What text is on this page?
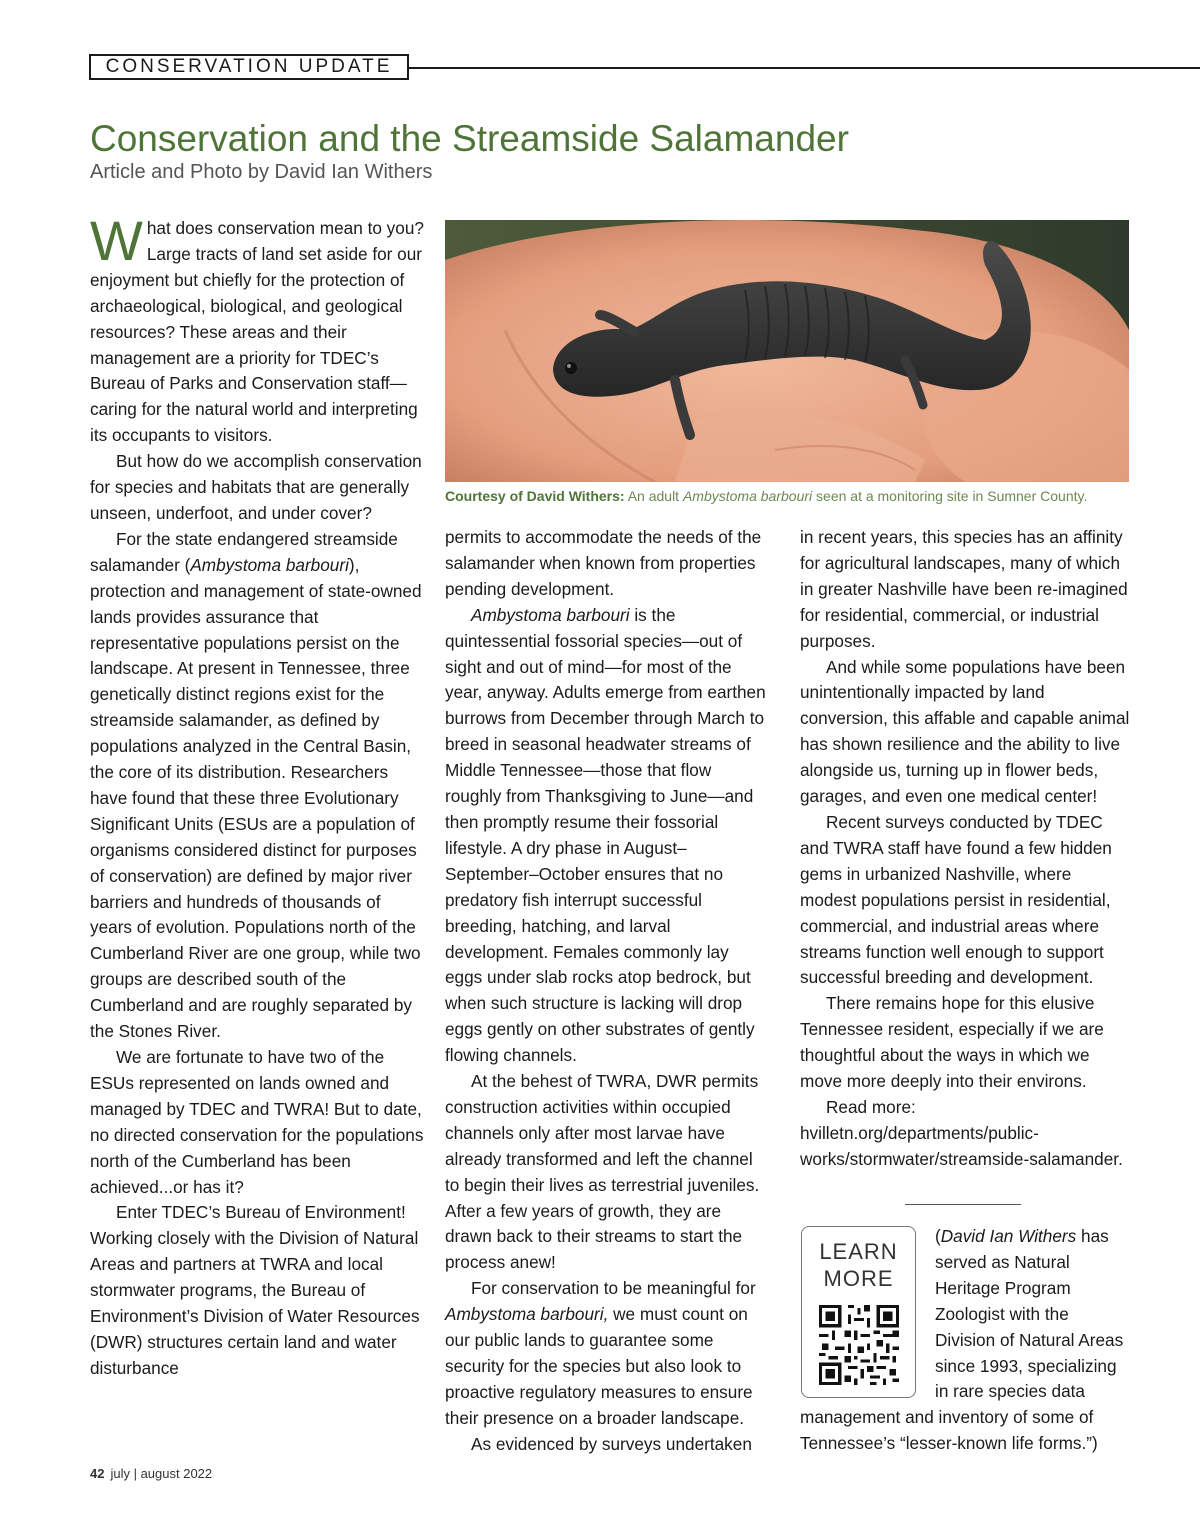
CONSERVATION UPDATE
Conservation and the Streamside Salamander
Article and Photo by David Ian Withers

What does conservation mean to you? Large tracts of land set aside for our enjoyment but chiefly for the protection of archaeological, biological, and geological resources? These areas and their management are a priority for TDEC’s Bureau of Parks and Conservation staff—caring for the natural world and interpreting its occupants to visitors.

But how do we accomplish conservation for species and habitats that are generally unseen, underfoot, and under cover?

For the state endangered streamside salamander (Ambystoma barbouri), protection and management of state-owned lands provides assurance that representative populations persist on the landscape. At present in Tennessee, three genetically distinct regions exist for the streamside salamander, as defined by populations analyzed in the Central Basin, the core of its distribution. Researchers have found that these three Evolutionary Significant Units (ESUs are a population of organisms considered distinct for purposes of conservation) are defined by major river barriers and hundreds of thousands of years of evolution. Populations north of the Cumberland River are one group, while two groups are described south of the Cumberland and are roughly separated by the Stones River.

We are fortunate to have two of the ESUs represented on lands owned and managed by TDEC and TWRA! But to date, no directed conservation for the populations north of the Cumberland has been achieved...or has it?

Enter TDEC’s Bureau of Environment! Working closely with the Division of Natural Areas and partners at TWRA and local stormwater programs, the Bureau of Environment’s Division of Water Resources (DWR) structures certain land and water disturbance

Courtesy of David Withers: An adult Ambystoma barbouri seen at a monitoring site in Sumner County.

permits to accommodate the needs of the salamander when known from properties pending development.

Ambystoma barbouri is the quintessential fossorial species—out of sight and out of mind—for most of the year, anyway. Adults emerge from earthen burrows from December through March to breed in seasonal headwater streams of Middle Tennessee—those that flow roughly from Thanksgiving to June—and then promptly resume their fossorial lifestyle. A dry phase in August–September–October ensures that no predatory fish interrupt successful breeding, hatching, and larval development. Females commonly lay eggs under slab rocks atop bedrock, but when such structure is lacking will drop eggs gently on other substrates of gently flowing channels.

At the behest of TWRA, DWR permits construction activities within occupied channels only after most larvae have already transformed and left the channel to begin their lives as terrestrial juveniles. After a few years of growth, they are drawn back to their streams to start the process anew!

For conservation to be meaningful for Ambystoma barbouri, we must count on our public lands to guarantee some security for the species but also look to proactive regulatory measures to ensure their presence on a broader landscape.

As evidenced by surveys undertaken

in recent years, this species has an affinity for agricultural landscapes, many of which in greater Nashville have been re-imagined for residential, commercial, or industrial purposes.

And while some populations have been unintentionally impacted by land conversion, this affable and capable animal has shown resilience and the ability to live alongside us, turning up in flower beds, garages, and even one medical center!

Recent surveys conducted by TDEC and TWRA staff have found a few hidden gems in urbanized Nashville, where modest populations persist in residential, commercial, and industrial areas where streams function well enough to support successful breeding and development.

There remains hope for this elusive Tennessee resident, especially if we are thoughtful about the ways in which we move more deeply into their environs.

Read more: hvilletn.org/departments/public-works/stormwater/streamside-salamander.

LEARN
MORE
(David Ian Withers has served as Natural Heritage Program Zoologist with the Division of Natural Areas since 1993, specializing in rare species data management and inventory of some of Tennessee’s “lesser-known life forms.”)
42 july | august 2022
